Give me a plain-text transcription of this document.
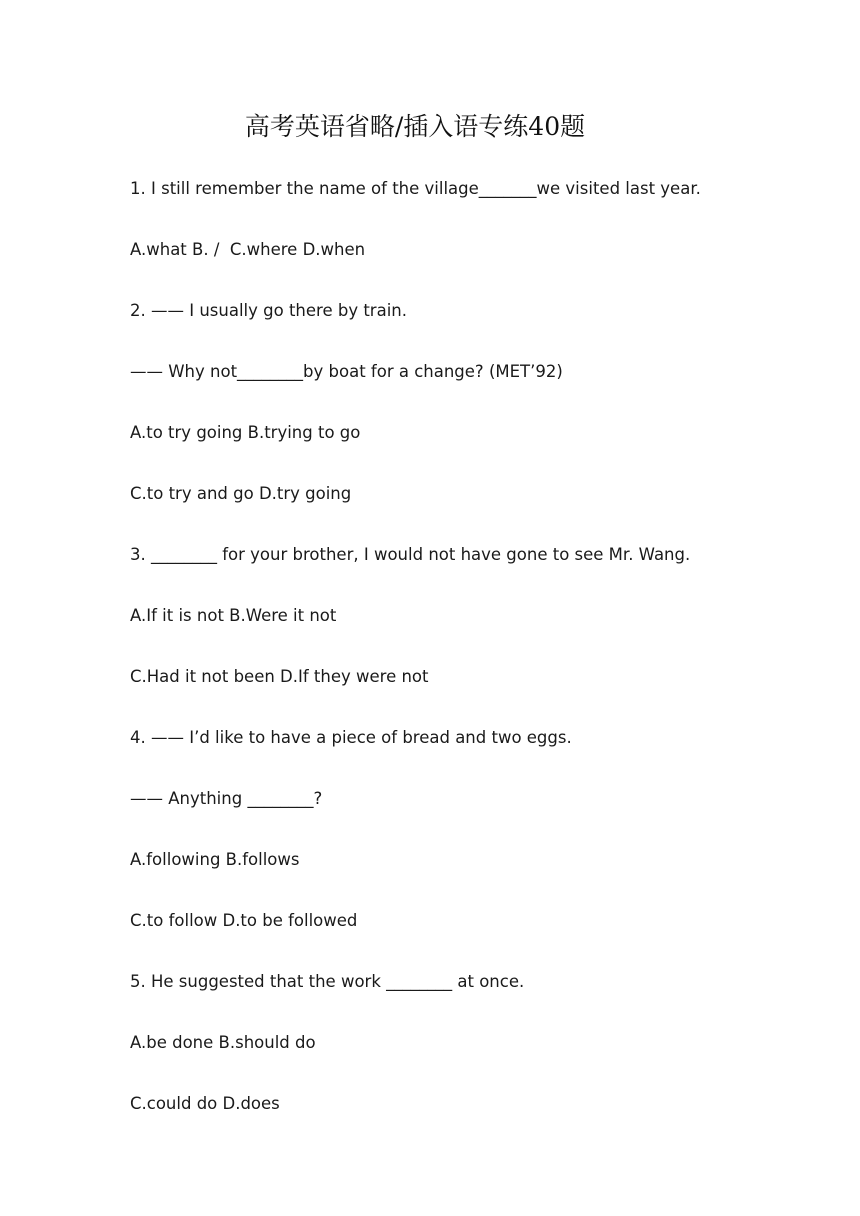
高考英语省略/插入语专练40题
1. I still remember the name of the village_______we visited last year.
A.what B. /  C.where D.when
2. —— I usually go there by train.
—— Why not________by boat for a change? (MET’92)
A.to try going B.trying to go
C.to try and go D.try going
3. ________ for your brother, I would not have gone to see Mr. Wang.
A.If it is not B.Were it not
C.Had it not been D.If they were not
4. —— I’d like to have a piece of bread and two eggs.
—— Anything ________?
A.following B.follows
C.to follow D.to be followed
5. He suggested that the work ________ at once.
A.be done B.should do
C.could do D.does
